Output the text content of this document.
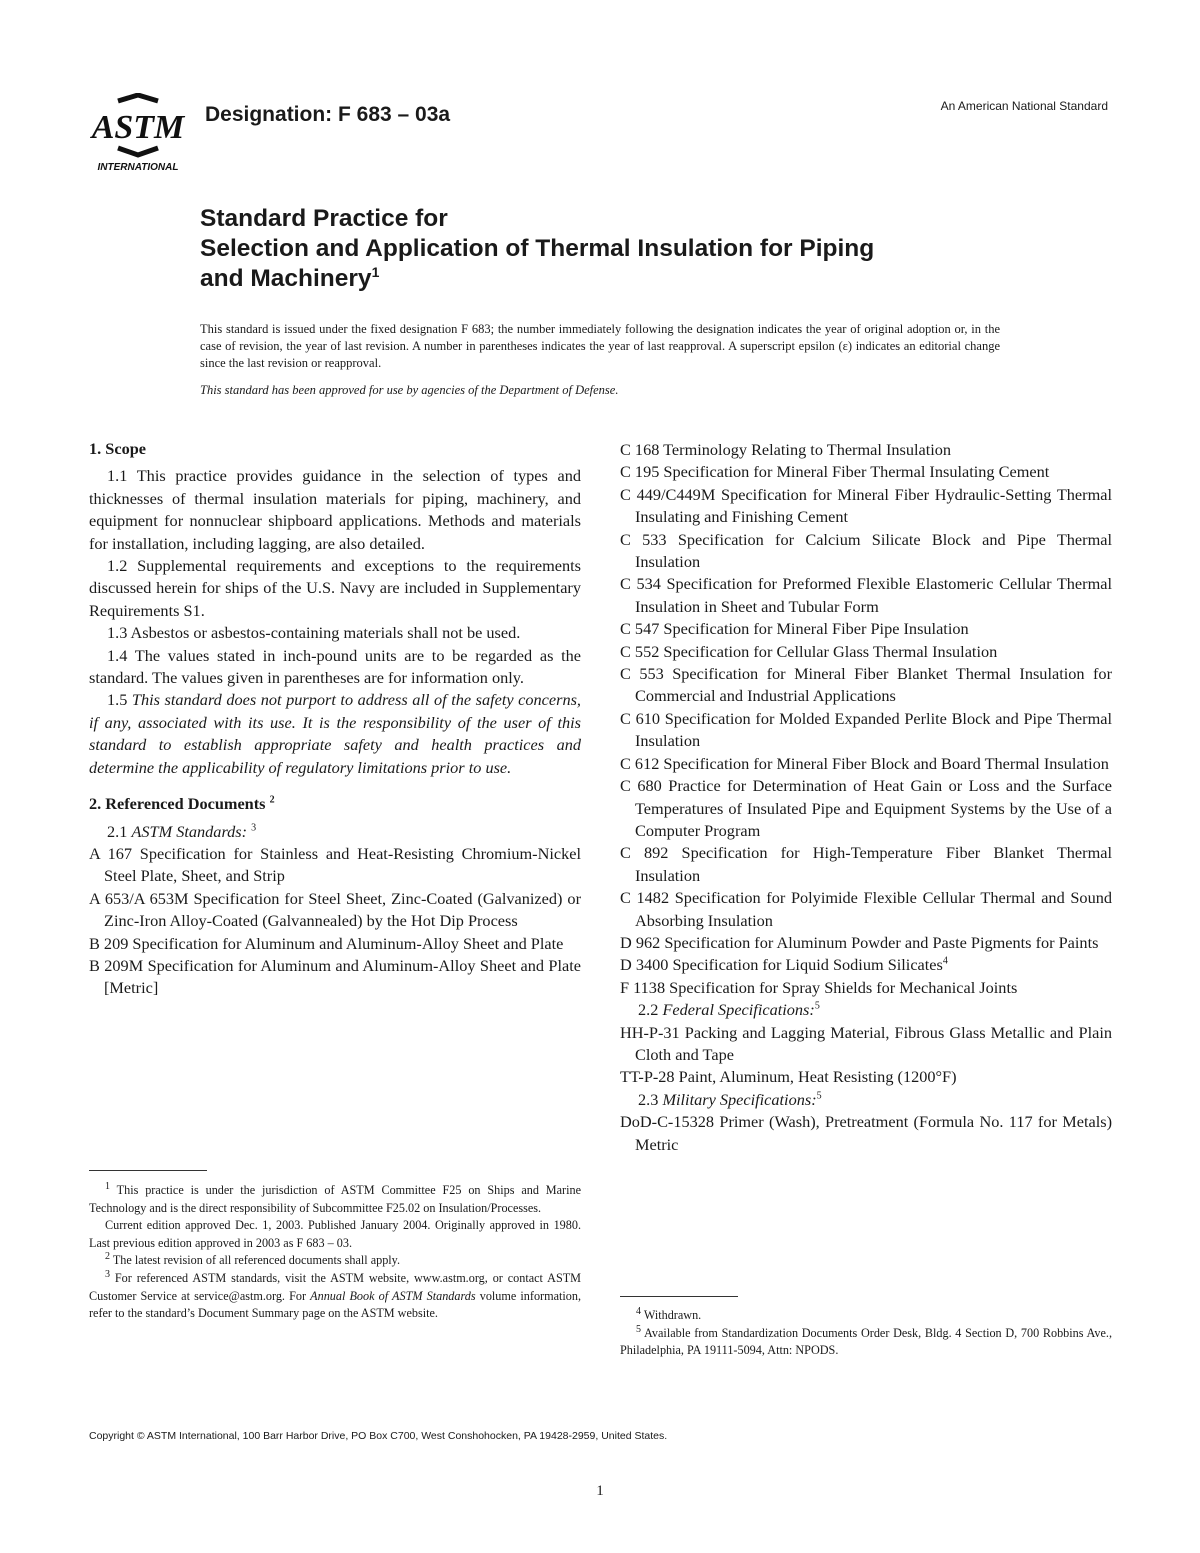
ASTM
INTERNATIONAL
Designation: F 683 – 03a	An American National Standard
Standard Practice for
Selection and Application of Thermal Insulation for Piping
and Machinery$^1$
This standard is issued under the fixed designation F 683; the number immediately following the designation indicates the year of original adoption or, in the case of revision, the year of last revision. A number in parentheses indicates the year of last reapproval. A superscript epsilon (ε) indicates an editorial change since the last revision or reapproval.
This standard has been approved for use by agencies of the Department of Defense.
1. Scope

1.1 This practice provides guidance in the selection of types and thicknesses of thermal insulation materials for piping, machinery, and equipment for nonnuclear shipboard applications. Methods and materials for installation, including lagging, are also detailed.

1.2 Supplemental requirements and exceptions to the requirements discussed herein for ships of the U.S. Navy are included in Supplementary Requirements S1.

1.3 Asbestos or asbestos-containing materials shall not be used.

1.4 The values stated in inch-pound units are to be regarded as the standard. The values given in parentheses are for information only.

1.5 This standard does not purport to address all of the safety concerns, if any, associated with its use. It is the responsibility of the user of this standard to establish appropriate safety and health practices and determine the applicability of regulatory limitations prior to use.

2. Referenced Documents $^2$

2.1 ASTM Standards: $^3$

A 167 Specification for Stainless and Heat-Resisting Chromium-Nickel Steel Plate, Sheet, and Strip

A 653/A 653M Specification for Steel Sheet, Zinc-Coated (Galvanized) or Zinc-Iron Alloy-Coated (Galvannealed) by the Hot Dip Process

B 209 Specification for Aluminum and Aluminum-Alloy Sheet and Plate

B 209M Specification for Aluminum and Aluminum-Alloy Sheet and Plate [Metric]

C 168 Terminology Relating to Thermal Insulation

C 195 Specification for Mineral Fiber Thermal Insulating Cement

C 449/C449M Specification for Mineral Fiber Hydraulic-Setting Thermal Insulating and Finishing Cement

C 533 Specification for Calcium Silicate Block and Pipe Thermal Insulation

C 534 Specification for Preformed Flexible Elastomeric Cellular Thermal Insulation in Sheet and Tubular Form

C 547 Specification for Mineral Fiber Pipe Insulation

C 552 Specification for Cellular Glass Thermal Insulation

C 553 Specification for Mineral Fiber Blanket Thermal Insulation for Commercial and Industrial Applications

C 610 Specification for Molded Expanded Perlite Block and Pipe Thermal Insulation

C 612 Specification for Mineral Fiber Block and Board Thermal Insulation

C 680 Practice for Determination of Heat Gain or Loss and the Surface Temperatures of Insulated Pipe and Equipment Systems by the Use of a Computer Program

C 892 Specification for High-Temperature Fiber Blanket Thermal Insulation

C 1482 Specification for Polyimide Flexible Cellular Thermal and Sound Absorbing Insulation

D 962 Specification for Aluminum Powder and Paste Pigments for Paints

D 3400 Specification for Liquid Sodium Silicates$^4$

F 1138 Specification for Spray Shields for Mechanical Joints

2.2 Federal Specifications:$^5$

HH-P-31 Packing and Lagging Material, Fibrous Glass Metallic and Plain Cloth and Tape

TT-P-28 Paint, Aluminum, Heat Resisting (1200°F)

2.3 Military Specifications:$^5$

DoD-C-15328 Primer (Wash), Pretreatment (Formula No. 117 for Metals) Metric

$^1$ This practice is under the jurisdiction of ASTM Committee F25 on Ships and Marine Technology and is the direct responsibility of Subcommittee F25.02 on Insulation/Processes.

Current edition approved Dec. 1, 2003. Published January 2004. Originally approved in 1980. Last previous edition approved in 2003 as F 683 – 03.

$^2$ The latest revision of all referenced documents shall apply.

$^3$ For referenced ASTM standards, visit the ASTM website, www.astm.org, or contact ASTM Customer Service at service@astm.org. For Annual Book of ASTM Standards volume information, refer to the standard’s Document Summary page on the ASTM website.	$^4$ Withdrawn.

$^5$ Available from Standardization Documents Order Desk, Bldg. 4 Section D, 700 Robbins Ave., Philadelphia, PA 19111-5094, Attn: NPODS.

Copyright © ASTM International, 100 Barr Harbor Drive, PO Box C700, West Conshohocken, PA 19428-2959, United States.
1
